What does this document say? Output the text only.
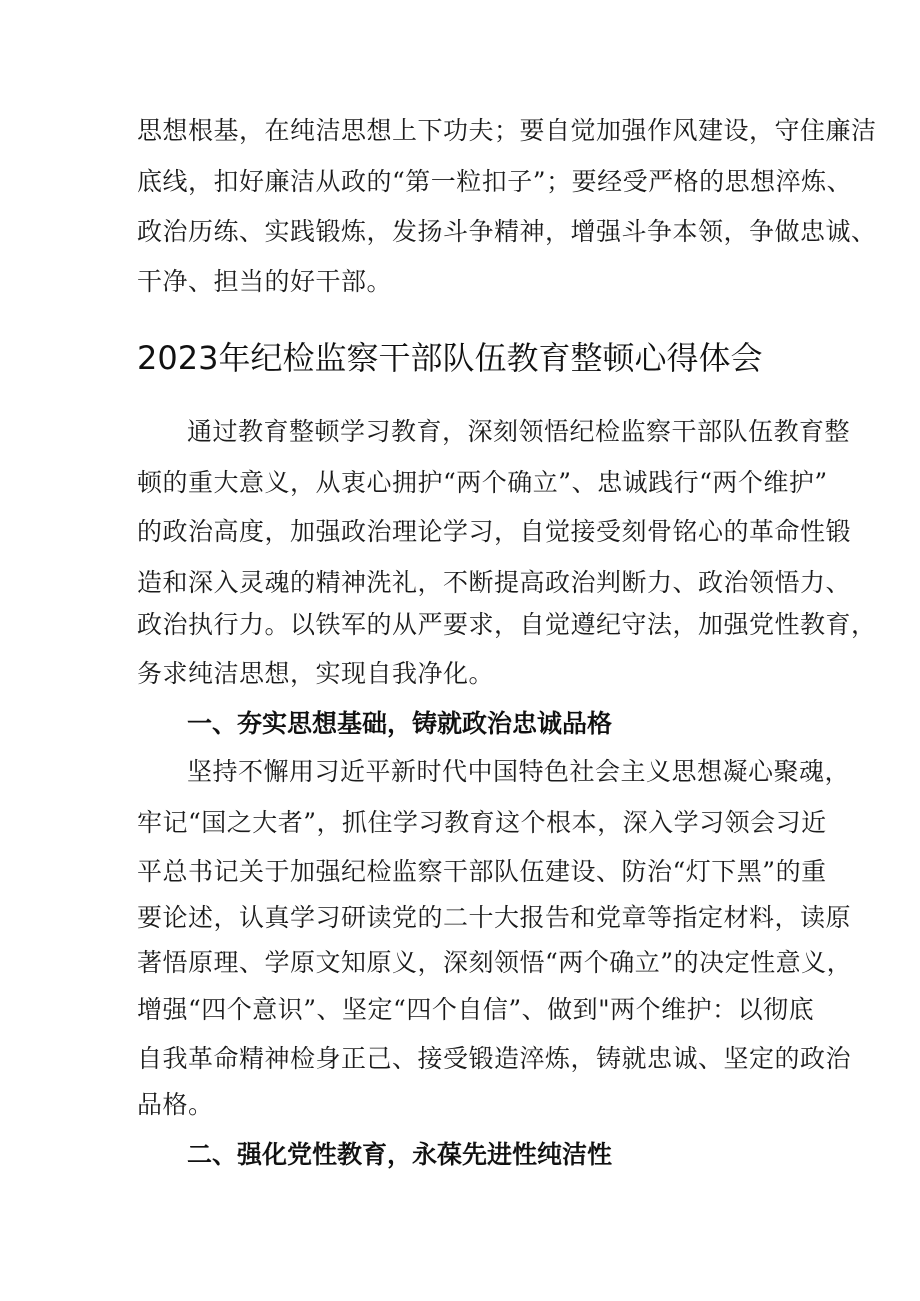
思想根基，在纯洁思想上下功夫；要自觉加强作风建设，守住廉洁
底线，扣好廉洁从政的“第一粒扣子”；要经受严格的思想淬炼、
政治历练、实践锻炼，发扬斗争精神，增强斗争本领，争做忠诚、
干净、担当的好干部。
2023年纪检监察干部队伍教育整顿心得体会
通过教育整顿学习教育，深刻领悟纪检监察干部队伍教育整
顿的重大意义，从衷心拥护“两个确立”、忠诚践行“两个维护”
的政治高度，加强政治理论学习，自觉接受刻骨铭心的革命性锻
造和深入灵魂的精神洗礼，不断提高政治判断力、政治领悟力、
政治执行力。以铁军的从严要求，自觉遵纪守法，加强党性教育，
务求纯洁思想，实现自我净化。
一、夯实思想基础，铸就政治忠诚品格
坚持不懈用习近平新时代中国特色社会主义思想凝心聚魂，
牢记“国之大者”，抓住学习教育这个根本，深入学习领会习近
平总书记关于加强纪检监察干部队伍建设、防治“灯下黑”的重
要论述，认真学习研读党的二十大报告和党章等指定材料，读原
著悟原理、学原文知原义，深刻领悟“两个确立”的决定性意义，
增强“四个意识”、坚定“四个自信”、做到"两个维护：以彻底
自我革命精神检身正己、接受锻造淬炼，铸就忠诚、坚定的政治
品格。
二、强化党性教育，永葆先进性纯洁性
